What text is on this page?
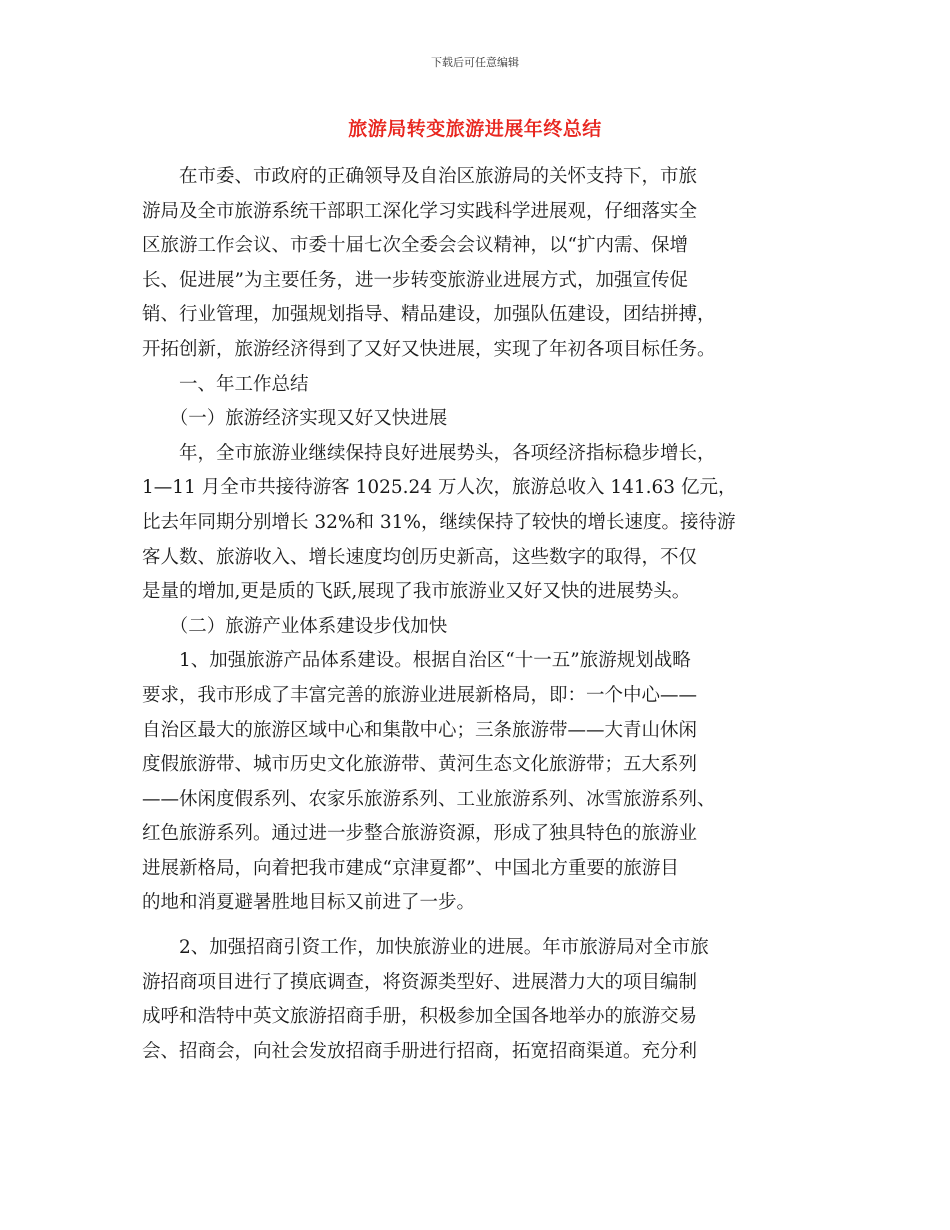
下载后可任意编辑
旅游局转变旅游进展年终总结

　　在市委、市政府的正确领导及自治区旅游局的关怀支持下，市旅

游局及全市旅游系统干部职工深化学习实践科学进展观，仔细落实全

区旅游工作会议、市委十届七次全委会会议精神，以“扩内需、保增

长、促进展”为主要任务，进一步转变旅游业进展方式，加强宣传促

销、行业管理，加强规划指导、精品建设，加强队伍建设，团结拼搏，

开拓创新，旅游经济得到了又好又快进展，实现了年初各项目标任务。

　　一、年工作总结

　　（一）旅游经济实现又好又快进展

　　年，全市旅游业继续保持良好进展势头，各项经济指标稳步增长，

1—11 月全市共接待游客 1025.24 万人次，旅游总收入 141.63 亿元，

比去年同期分别增长 32%和 31%，继续保持了较快的增长速度。接待游

客人数、旅游收入、增长速度均创历史新高，这些数字的取得，不仅

是量的增加,更是质的飞跃,展现了我市旅游业又好又快的进展势头。

　　（二）旅游产业体系建设步伐加快

　　1、加强旅游产品体系建设。根据自治区“十一五”旅游规划战略

要求，我市形成了丰富完善的旅游业进展新格局，即：一个中心——

自治区最大的旅游区域中心和集散中心；三条旅游带——大青山休闲

度假旅游带、城市历史文化旅游带、黄河生态文化旅游带；五大系列

——休闲度假系列、农家乐旅游系列、工业旅游系列、冰雪旅游系列、

红色旅游系列。通过进一步整合旅游资源，形成了独具特色的旅游业

进展新格局，向着把我市建成“京津夏都”、中国北方重要的旅游目

的地和消夏避暑胜地目标又前进了一步。

　　2、加强招商引资工作，加快旅游业的进展。年市旅游局对全市旅

游招商项目进行了摸底调查，将资源类型好、进展潜力大的项目编制

成呼和浩特中英文旅游招商手册，积极参加全国各地举办的旅游交易

会、招商会，向社会发放招商手册进行招商，拓宽招商渠道。充分利
